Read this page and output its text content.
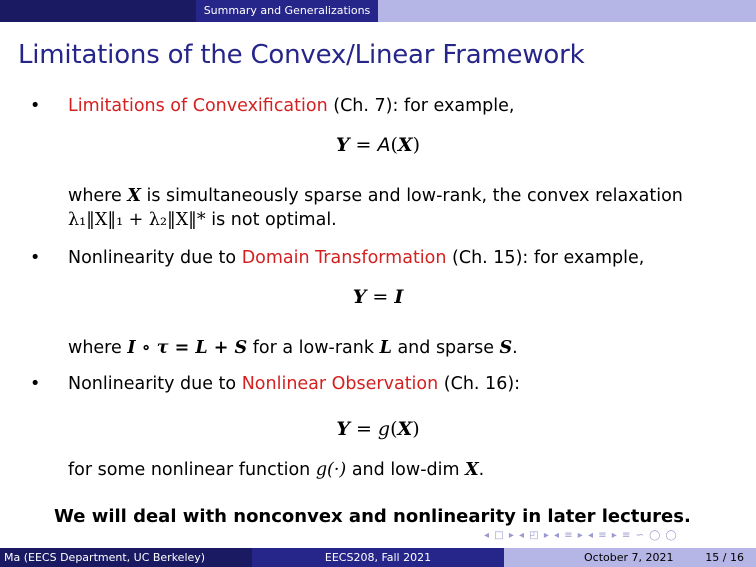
Summary and Generalizations
Limitations of the Convex/Linear Framework
• Limitations of Convexification (Ch. 7): for example,
Y = A(X)
where X is simultaneously sparse and low-rank, the convex relaxation
λ₁‖X‖₁ + λ₂‖X‖* is not optimal.
• Nonlinearity due to Domain Transformation (Ch. 15): for example,
Y = I
where I ∘ τ = L + S for a low-rank L and sparse S.
• Nonlinearity due to Nonlinear Observation (Ch. 16):
Y = g(X)
for some nonlinear function g(·) and low-dim X.
We will deal with nonconvex and nonlinearity in later lectures.
◂ □ ▸ ◂ ◰ ▸ ◂ ≡ ▸ ◂ ≡ ▸ ≡ ∽ ◯ ◯
Ma (EECS Department, UC Berkeley)	EECS208, Fall 2021	October 7, 2021	15 / 16
